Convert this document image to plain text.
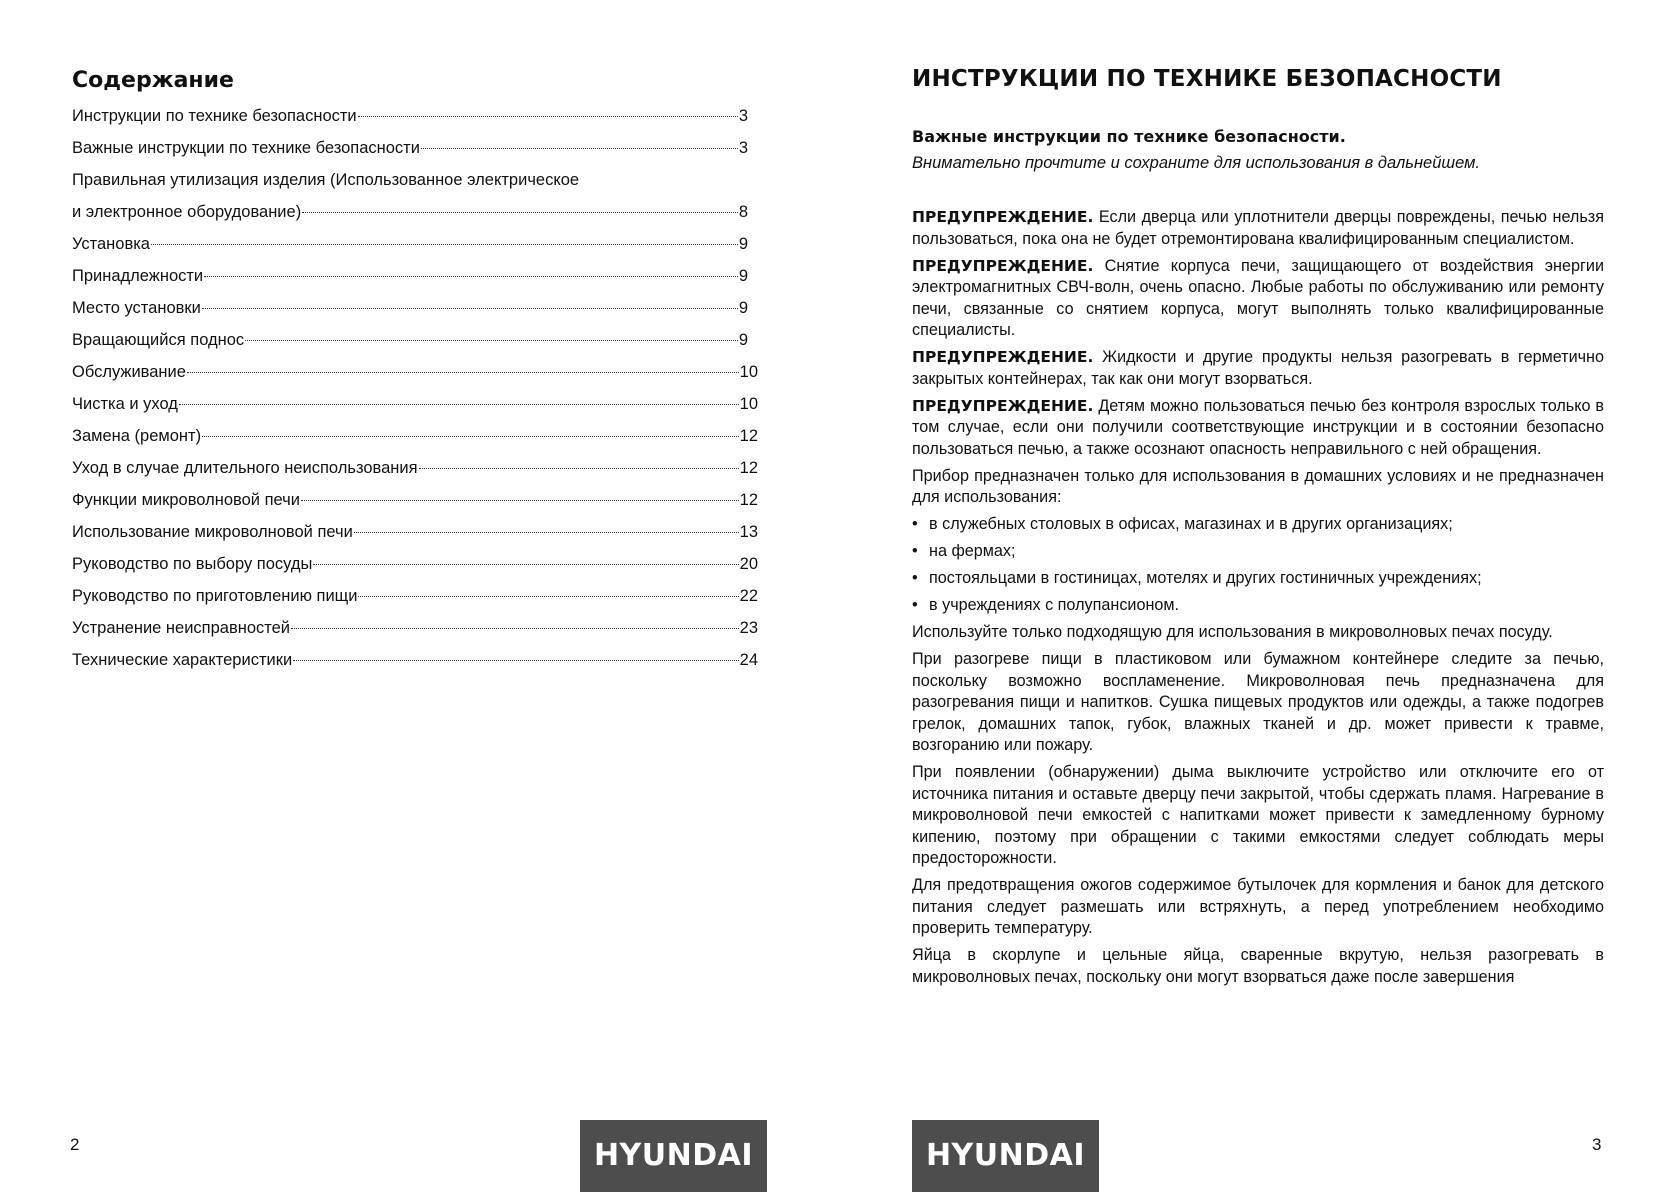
Содержание
Инструкции по технике безопасности	3
Важные инструкции по технике безопасности	3
Правильная утилизация изделия (Использованное электрическое
и электронное оборудование)	8
Установка	9
Принадлежности	9
Место установки	9
Вращающийся поднос	9
Обслуживание	10
Чистка и уход	10
Замена (ремонт)	12
Уход в случае длительного неиспользования	12
Функции микроволновой печи	12
Использование микроволновой печи	13
Руководство по выбору посуды	20
Руководство по приготовлению пищи	22
Устранение неисправностей	23
Технические характеристики	24
2	HYUNDAI
ИНСТРУКЦИИ ПО ТЕХНИКЕ БЕЗОПАСНОСТИ
Важные инструкции по технике безопасности.

Внимательно прочтите и сохраните для использования в дальнейшем.

ПРЕДУПРЕЖДЕНИЕ. Если дверца или уплотнители дверцы повреждены, печью нельзя пользоваться, пока она не будет отремонтирована квалифицированным специалистом.

ПРЕДУПРЕЖДЕНИЕ. Снятие корпуса печи, защищающего от воздействия энергии электромагнитных СВЧ-волн, очень опасно. Любые работы по обслуживанию или ремонту печи, связанные со снятием корпуса, могут выполнять только квалифицированные специалисты.

ПРЕДУПРЕЖДЕНИЕ. Жидкости и другие продукты нельзя разогревать в герметично закрытых контейнерах, так как они могут взорваться.

ПРЕДУПРЕЖДЕНИЕ. Детям можно пользоваться печью без контроля взрослых только в том случае, если они получили соответствующие инструкции и в состоянии безопасно пользоваться печью, а также осознают опасность неправильного с ней обращения.

Прибор предназначен только для использования в домашних условиях и не предназначен для использования:

• в служебных столовых в офисах, магазинах и в других организациях;

• на фермах;

• постояльцами в гостиницах, мотелях и других гостиничных учреждениях;

• в учреждениях с полупансионом.

Используйте только подходящую для использования в микроволновых печах посуду.

При разогреве пищи в пластиковом или бумажном контейнере следите за печью, поскольку возможно воспламенение. Микроволновая печь предназначена для разогревания пищи и напитков. Сушка пищевых продуктов или одежды, а также подогрев грелок, домашних тапок, губок, влажных тканей и др. может привести к травме, возгоранию или пожару.

При появлении (обнаружении) дыма выключите устройство или отключите его от источника питания и оставьте дверцу печи закрытой, чтобы сдержать пламя. Нагревание в микроволновой печи емкостей с напитками может привести к замедленному бурному кипению, поэтому при обращении с такими емкостями следует соблюдать меры предосторожности.

Для предотвращения ожогов содержимое бутылочек для кормления и банок для детского питания следует размешать или встряхнуть, а перед употреблением необходимо проверить температуру.

Яйца в скорлупе и цельные яйца, сваренные вкрутую, нельзя разогревать в микроволновых печах, поскольку они могут взорваться даже после завершения

HYUNDAI	3
